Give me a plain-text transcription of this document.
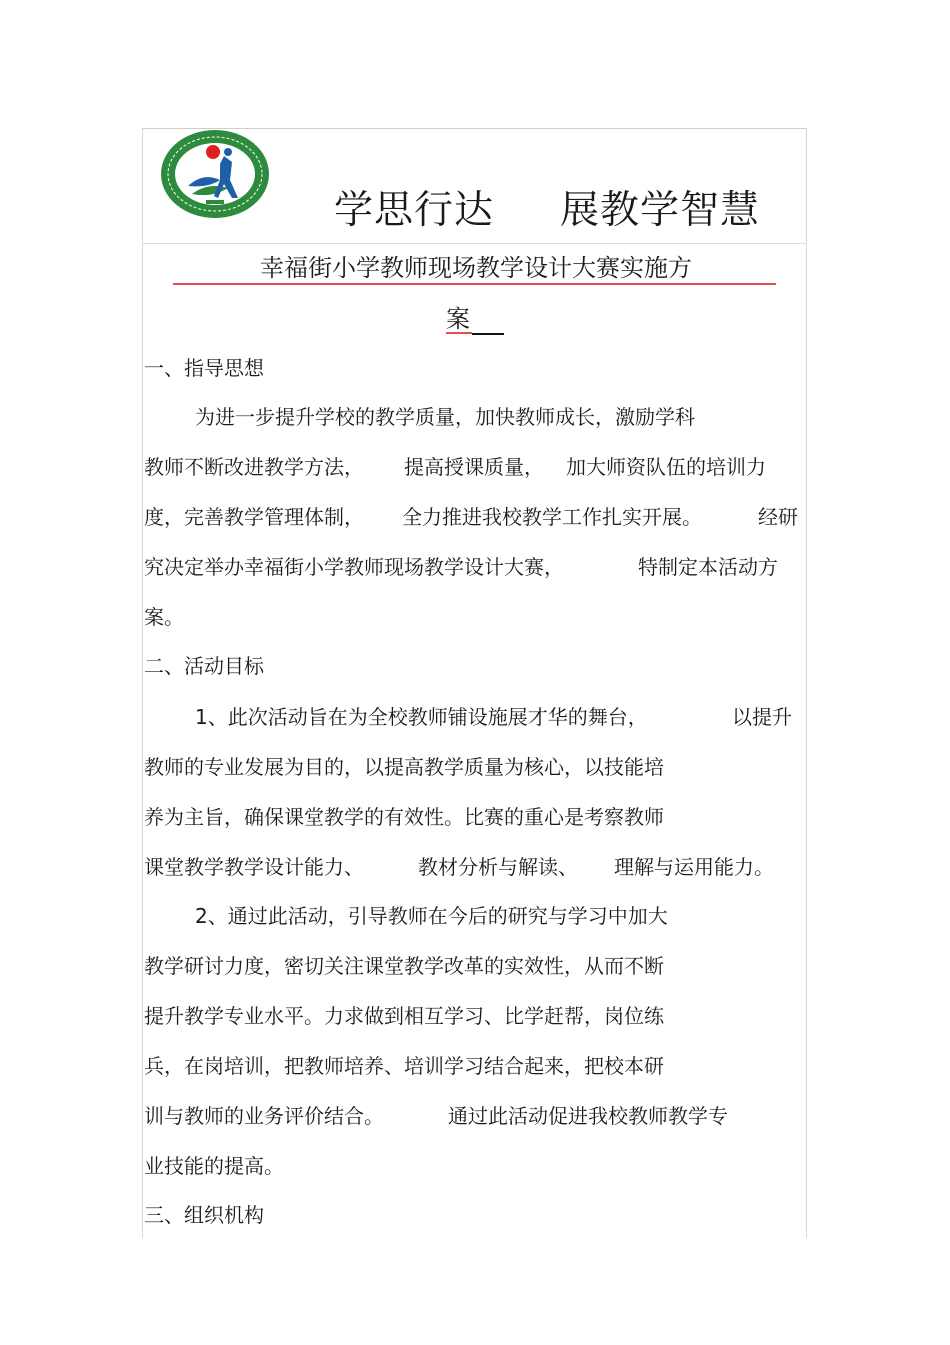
学思行达 展教学智慧
幸福街小学教师现场教学设计大赛实施方
案
一、指导思想
为进一步提升学校的教学质量，加快教师成长，激励学科
教师不断改进教学方法， 提高授课质量， 加大师资队伍的培训力
度，完善教学管理体制， 全力推进我校教学工作扎实开展。	经研
究决定举办幸福街小学教师现场教学设计大赛，	特制定本活动方
案。
二、活动目标
1、此次活动旨在为全校教师铺设施展才华的舞台，	以提升
教师的专业发展为目的，以提高教学质量为核心，以技能培
养为主旨，确保课堂教学的有效性。比赛的重心是考察教师
课堂教学教学设计能力、	教材分析与解读、 理解与运用能力。
2、通过此活动，引导教师在今后的研究与学习中加大
教学研讨力度，密切关注课堂教学改革的实效性，从而不断
提升教学专业水平。力求做到相互学习、比学赶帮，岗位练
兵，在岗培训，把教师培养、培训学习结合起来，把校本研
训与教师的业务评价结合。	通过此活动促进我校教师教学专
业技能的提高。
三、组织机构
